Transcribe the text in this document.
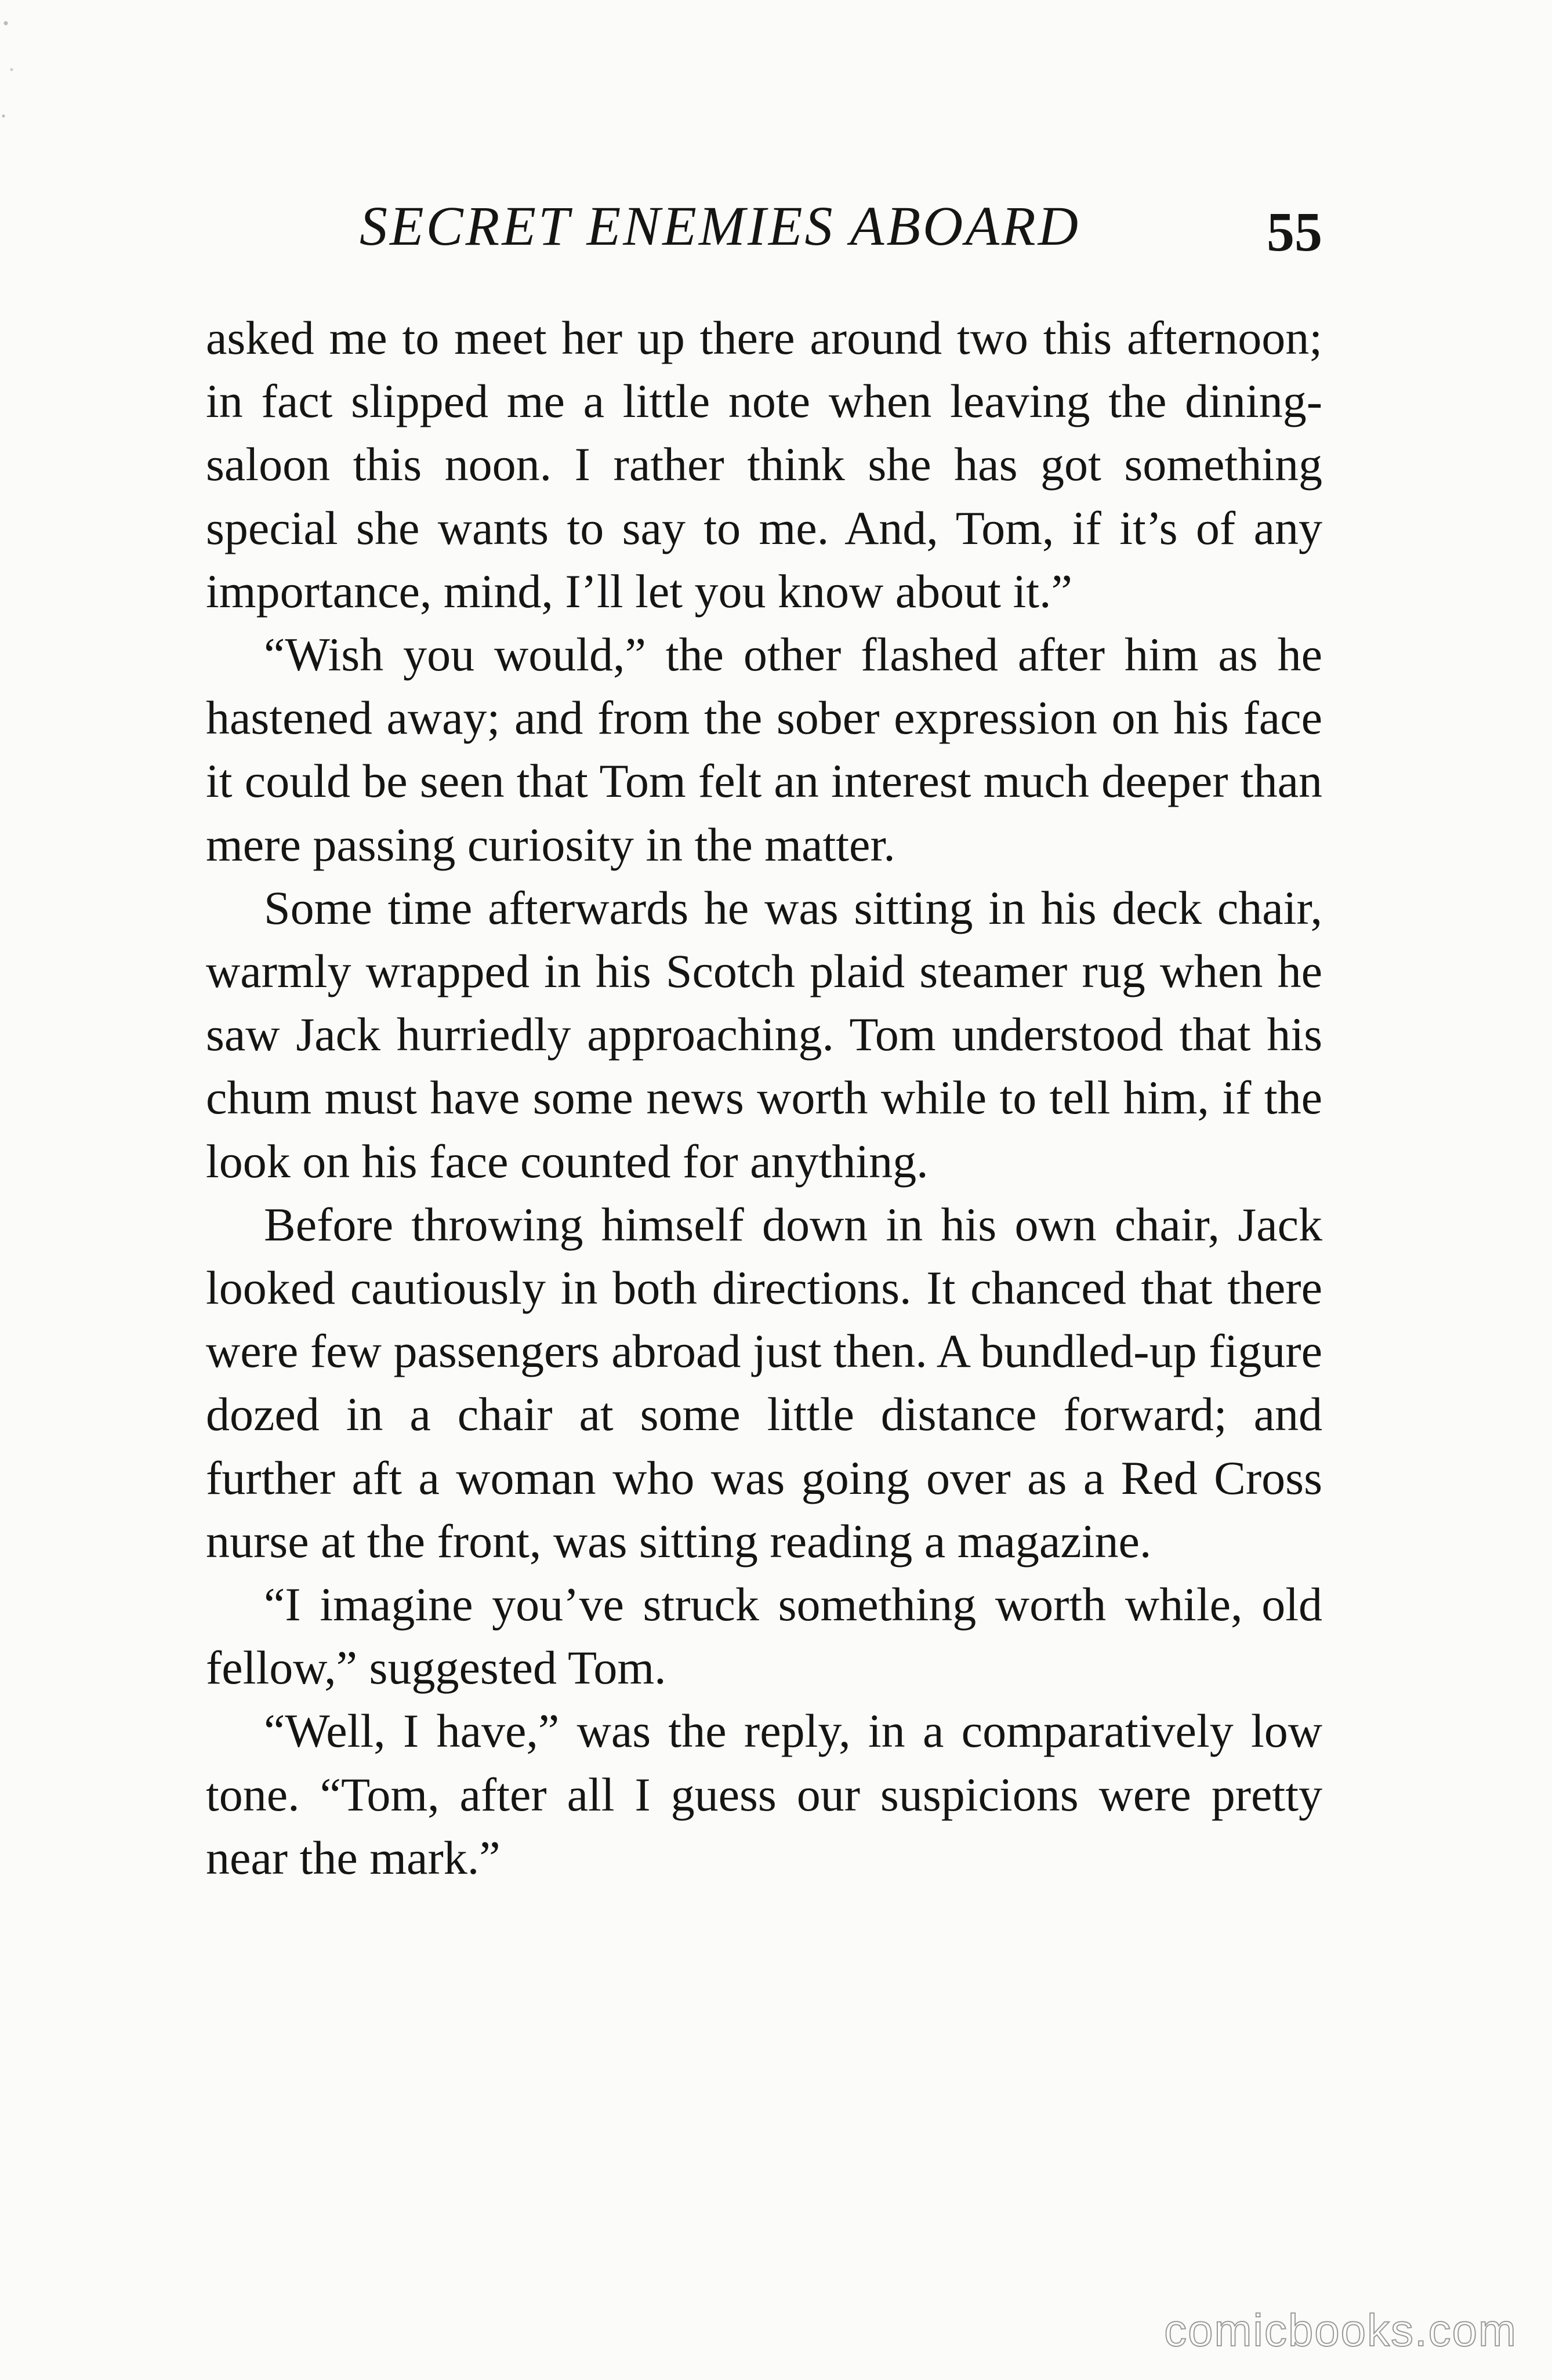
SECRET ENEMIES ABOARD	55

asked me to meet her up there around two this afternoon; in fact slipped me a little note when leaving the dining-saloon this noon. I rather think she has got something special she wants to say to me. And, Tom, if it’s of any importance, mind, I’ll let you know about it.”

“Wish you would,” the other flashed after him as he hastened away; and from the sober expression on his face it could be seen that Tom felt an interest much deeper than mere passing curiosity in the matter.

Some time afterwards he was sitting in his deck chair, warmly wrapped in his Scotch plaid steamer rug when he saw Jack hurriedly approaching. Tom understood that his chum must have some news worth while to tell him, if the look on his face counted for anything.

Before throwing himself down in his own chair, Jack looked cautiously in both directions. It chanced that there were few passengers abroad just then. A bundled-up figure dozed in a chair at some little distance forward; and further aft a woman who was going over as a Red Cross nurse at the front, was sitting reading a magazine.

“I imagine you’ve struck something worth while, old fellow,” suggested Tom.

“Well, I have,” was the reply, in a comparatively low tone. “Tom, after all I guess our suspicions were pretty near the mark.”

comicbooks.com
